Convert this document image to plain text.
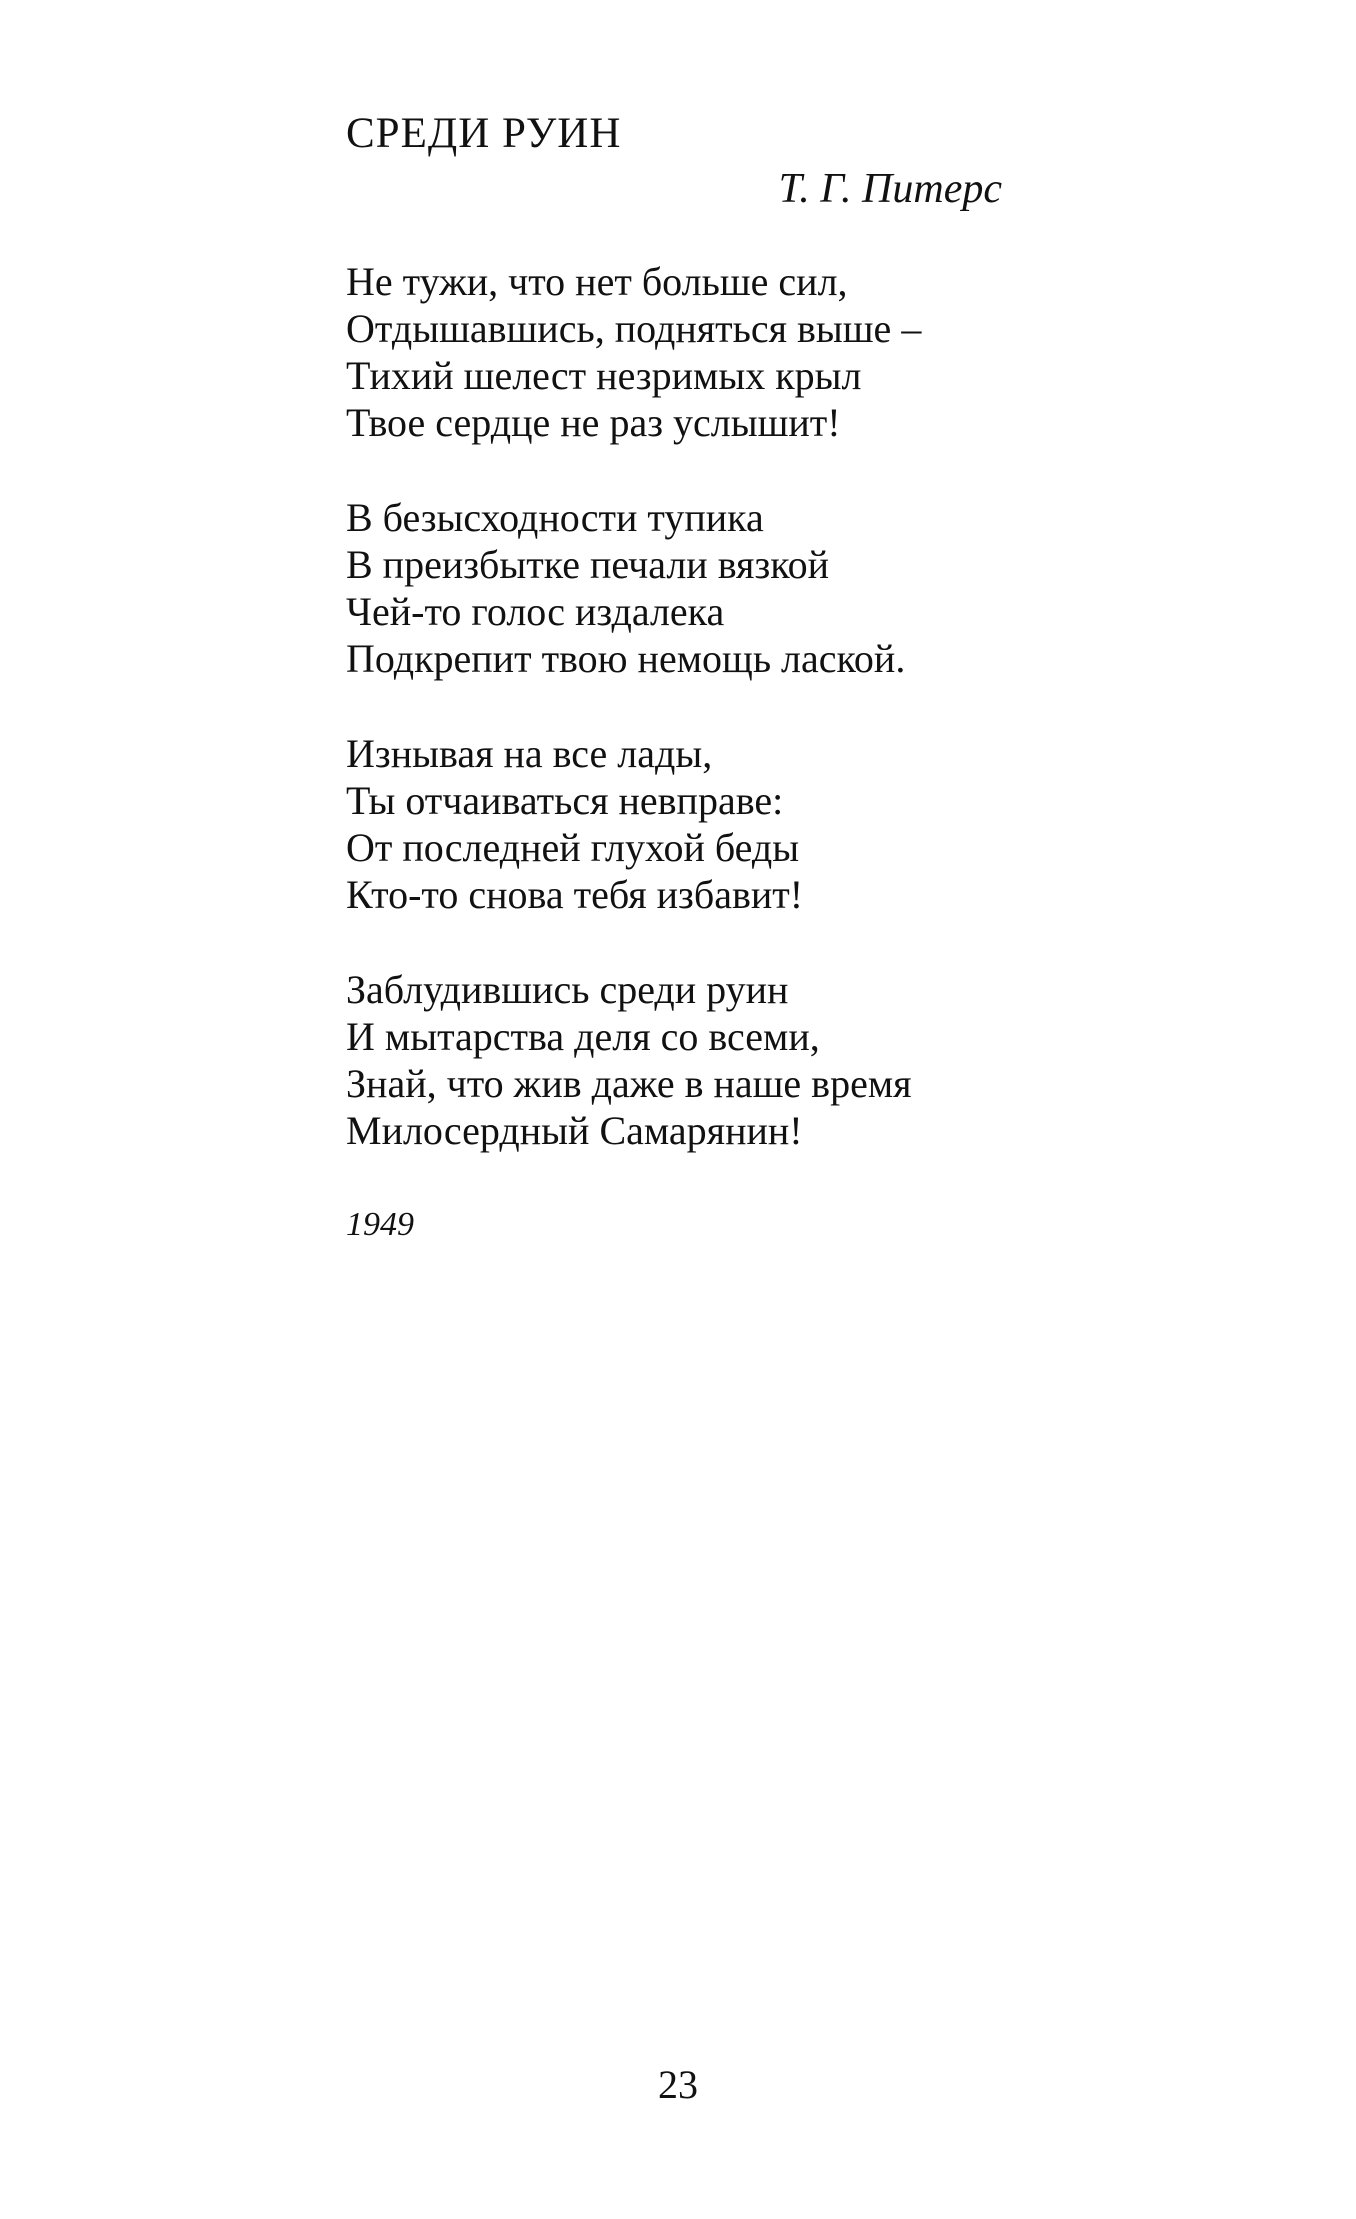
СРЕДИ РУИН
Т. Г. Питерс
Не тужи, что нет больше сил,
Отдышавшись, подняться выше –
Тихий шелест незримых крыл
Твое сердце не раз услышит!
В безысходности тупика
В преизбытке печали вязкой
Чей-то голос издалека
Подкрепит твою немощь лаской.
Изнывая на все лады,
Ты отчаиваться невправе:
От последней глухой беды
Кто-то снова тебя избавит!
Заблудившись среди руин
И мытарства деля со всеми,
Знай, что жив даже в наше время
Милосердный Самарянин!
1949
23
